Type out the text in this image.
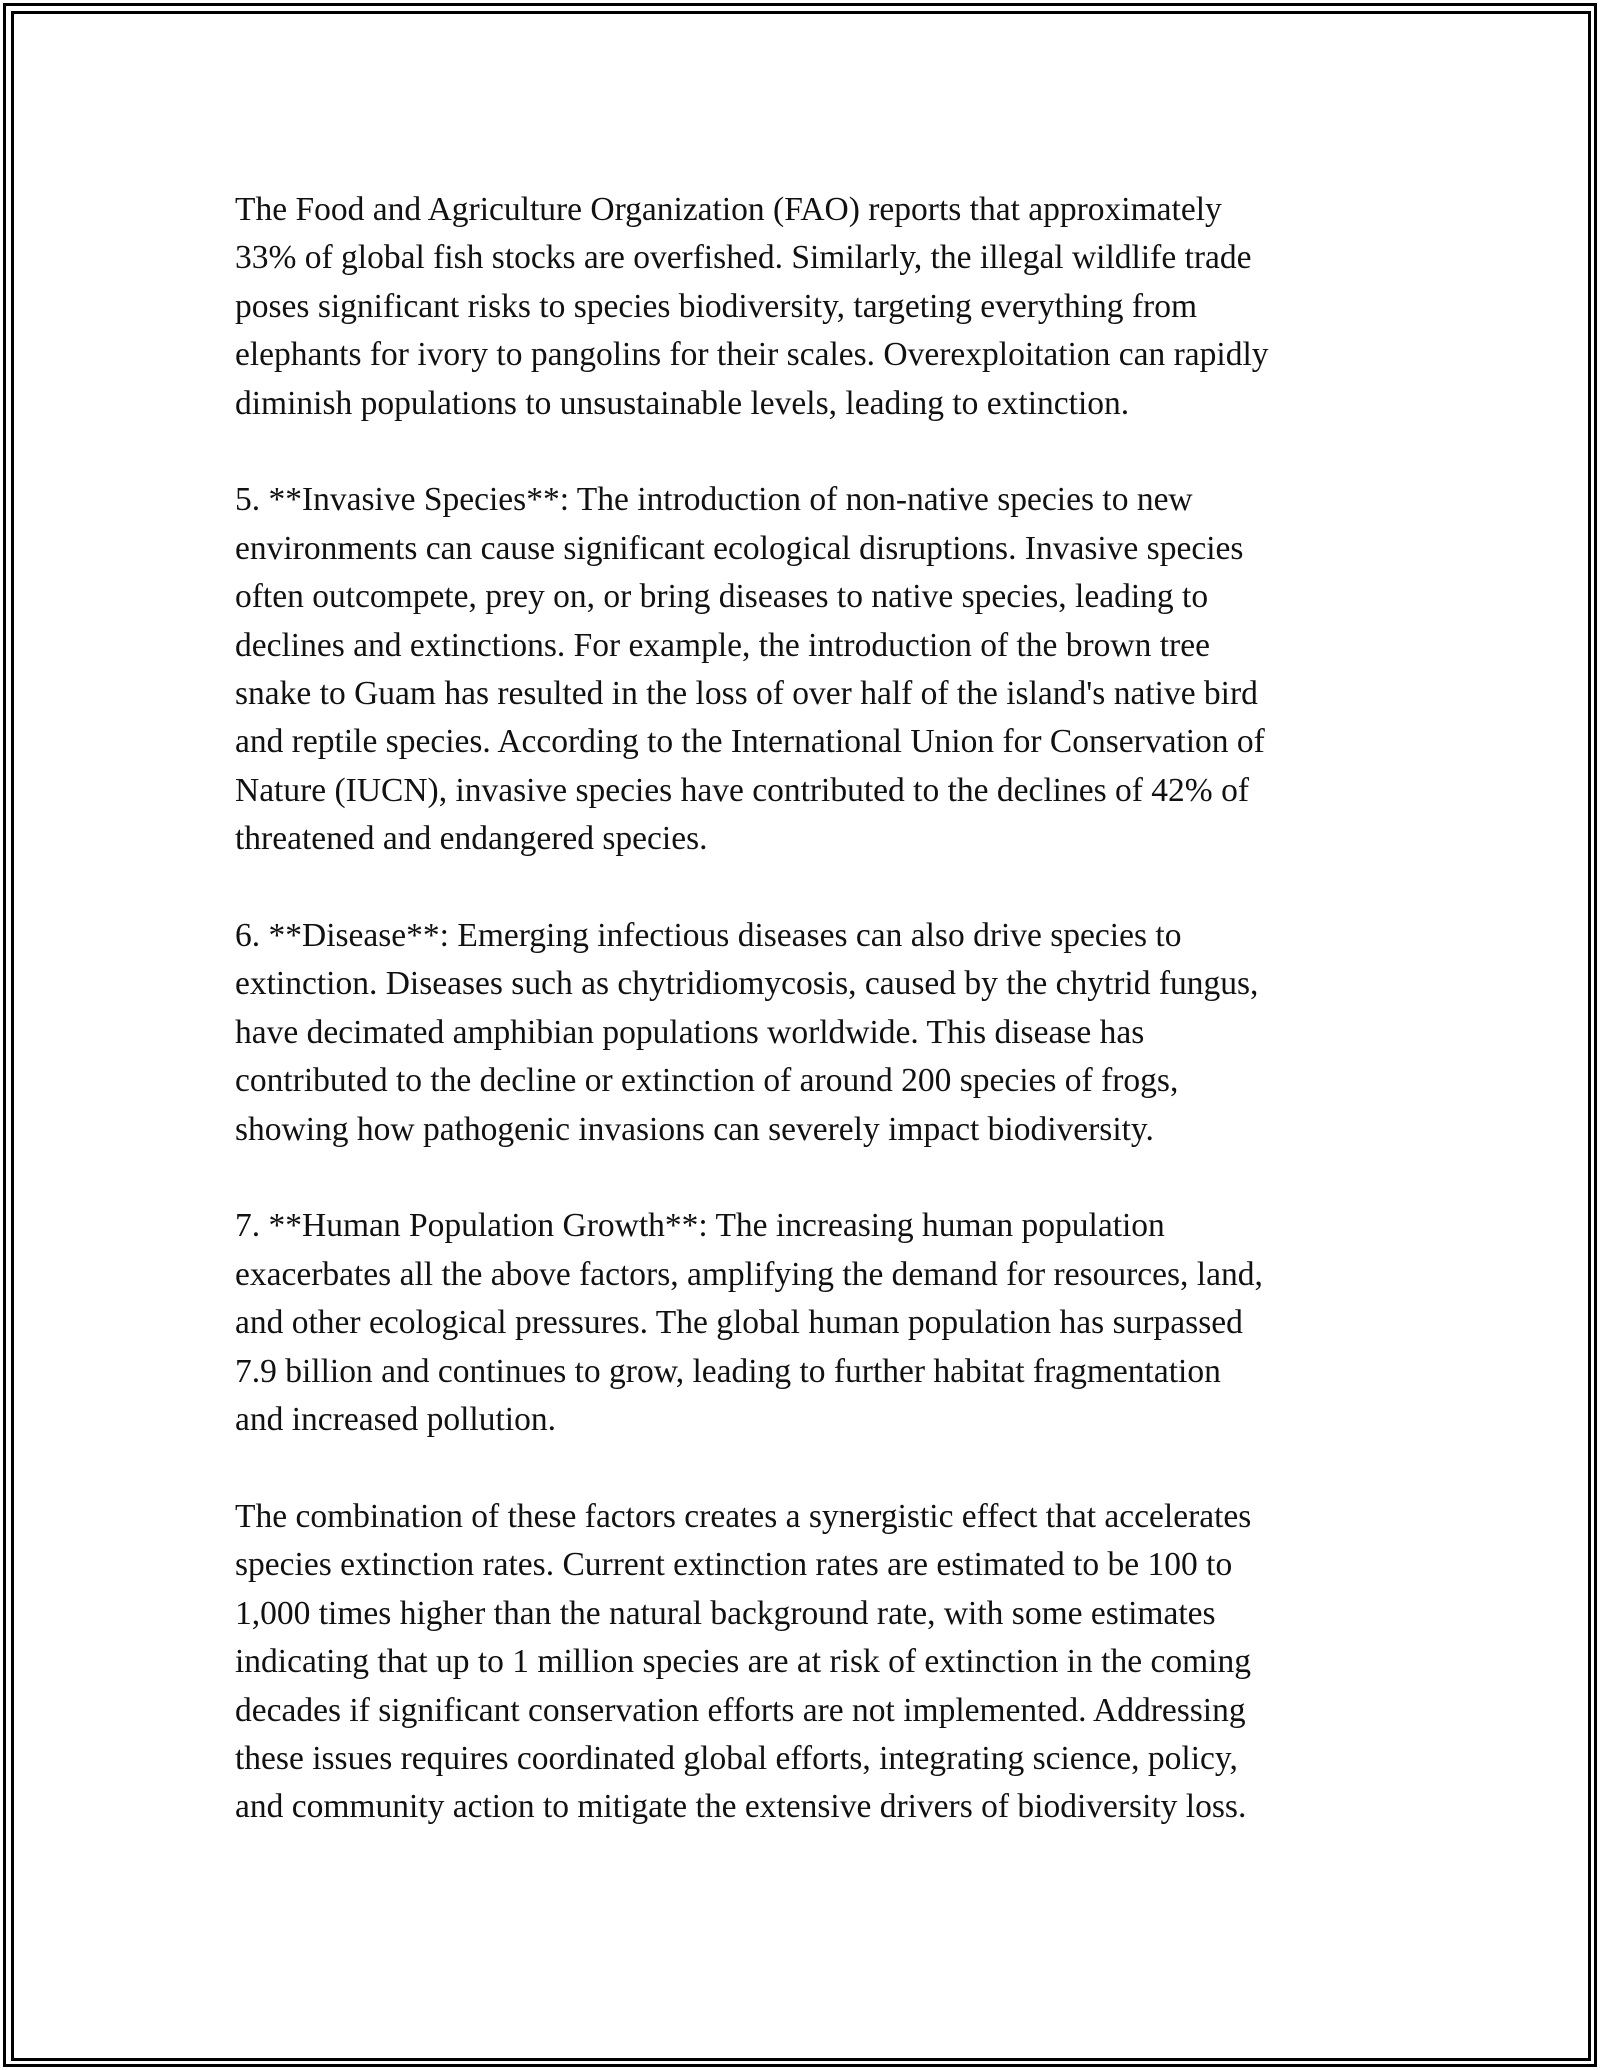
The Food and Agriculture Organization (FAO) reports that approximately
33% of global fish stocks are overfished. Similarly, the illegal wildlife trade
poses significant risks to species biodiversity, targeting everything from
elephants for ivory to pangolins for their scales. Overexploitation can rapidly
diminish populations to unsustainable levels, leading to extinction.

5. **Invasive Species**: The introduction of non-native species to new
environments can cause significant ecological disruptions. Invasive species
often outcompete, prey on, or bring diseases to native species, leading to
declines and extinctions. For example, the introduction of the brown tree
snake to Guam has resulted in the loss of over half of the island's native bird
and reptile species. According to the International Union for Conservation of
Nature (IUCN), invasive species have contributed to the declines of 42% of
threatened and endangered species.

6. **Disease**: Emerging infectious diseases can also drive species to
extinction. Diseases such as chytridiomycosis, caused by the chytrid fungus,
have decimated amphibian populations worldwide. This disease has
contributed to the decline or extinction of around 200 species of frogs,
showing how pathogenic invasions can severely impact biodiversity.

7. **Human Population Growth**: The increasing human population
exacerbates all the above factors, amplifying the demand for resources, land,
and other ecological pressures. The global human population has surpassed
7.9 billion and continues to grow, leading to further habitat fragmentation
and increased pollution.

The combination of these factors creates a synergistic effect that accelerates
species extinction rates. Current extinction rates are estimated to be 100 to
1,000 times higher than the natural background rate, with some estimates
indicating that up to 1 million species are at risk of extinction in the coming
decades if significant conservation efforts are not implemented. Addressing
these issues requires coordinated global efforts, integrating science, policy,
and community action to mitigate the extensive drivers of biodiversity loss.
